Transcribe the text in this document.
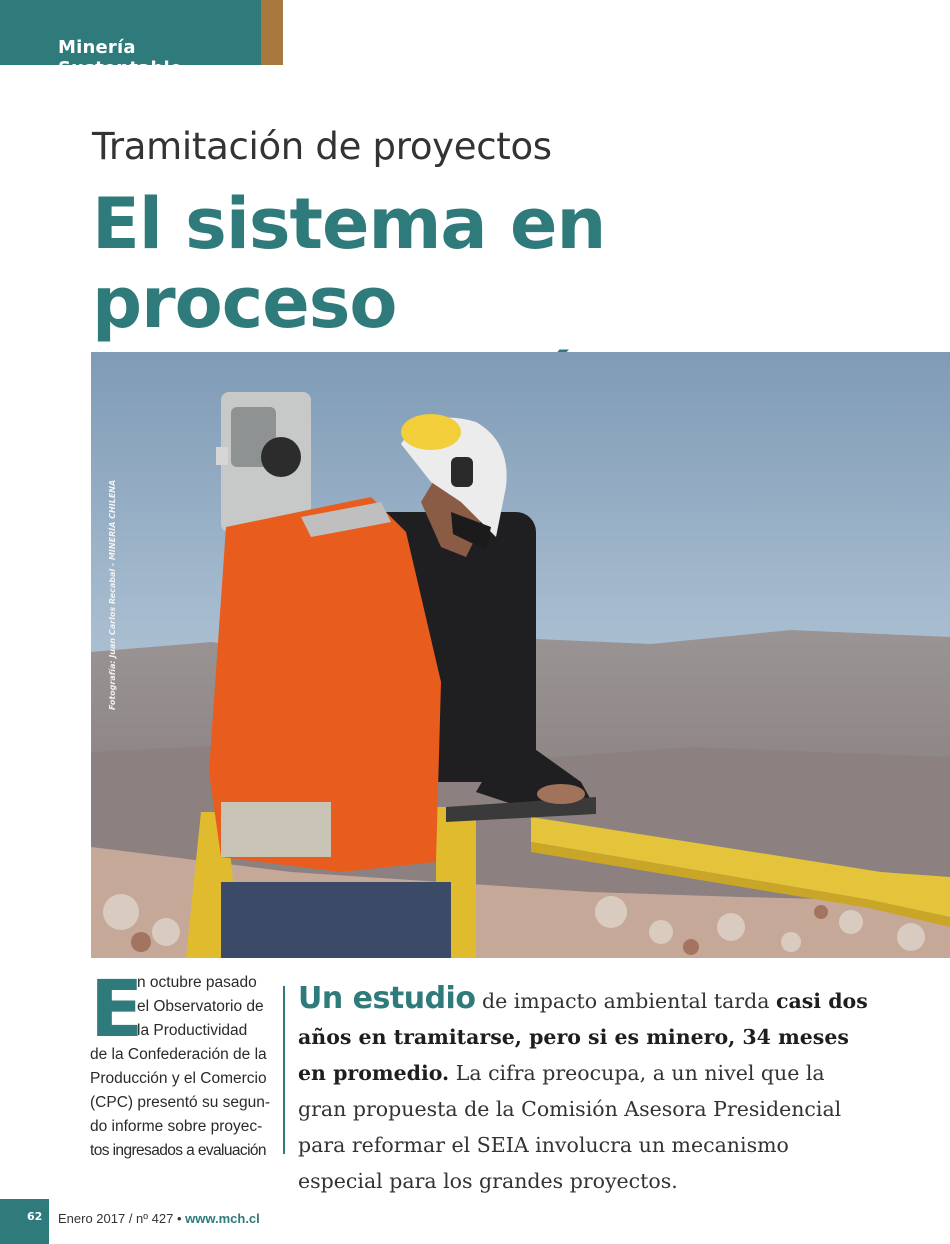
Minería Sustentable
Tramitación de proyectos
El sistema en proceso
Fotografía: Juan Carlos Recabal - MINERÍA CHILENA
E
n octubre pasado
el Observatorio de
la Productividad
de la Confederación de la
Producción y el Comercio
(CPC) presentó su segun-
do informe sobre proyec-
tos ingresados a evaluación
Un estudio de impacto ambiental tarda casi dos años en tramitarse, pero si es minero, 34 meses en promedio. La cifra preocupa, a un nivel que la gran propuesta de la Comisión Asesora Presidencial para reformar el SEIA involucra un mecanismo especial para los grandes proyectos.
62 Enero 2017 / nº 427 • www.mch.cl
